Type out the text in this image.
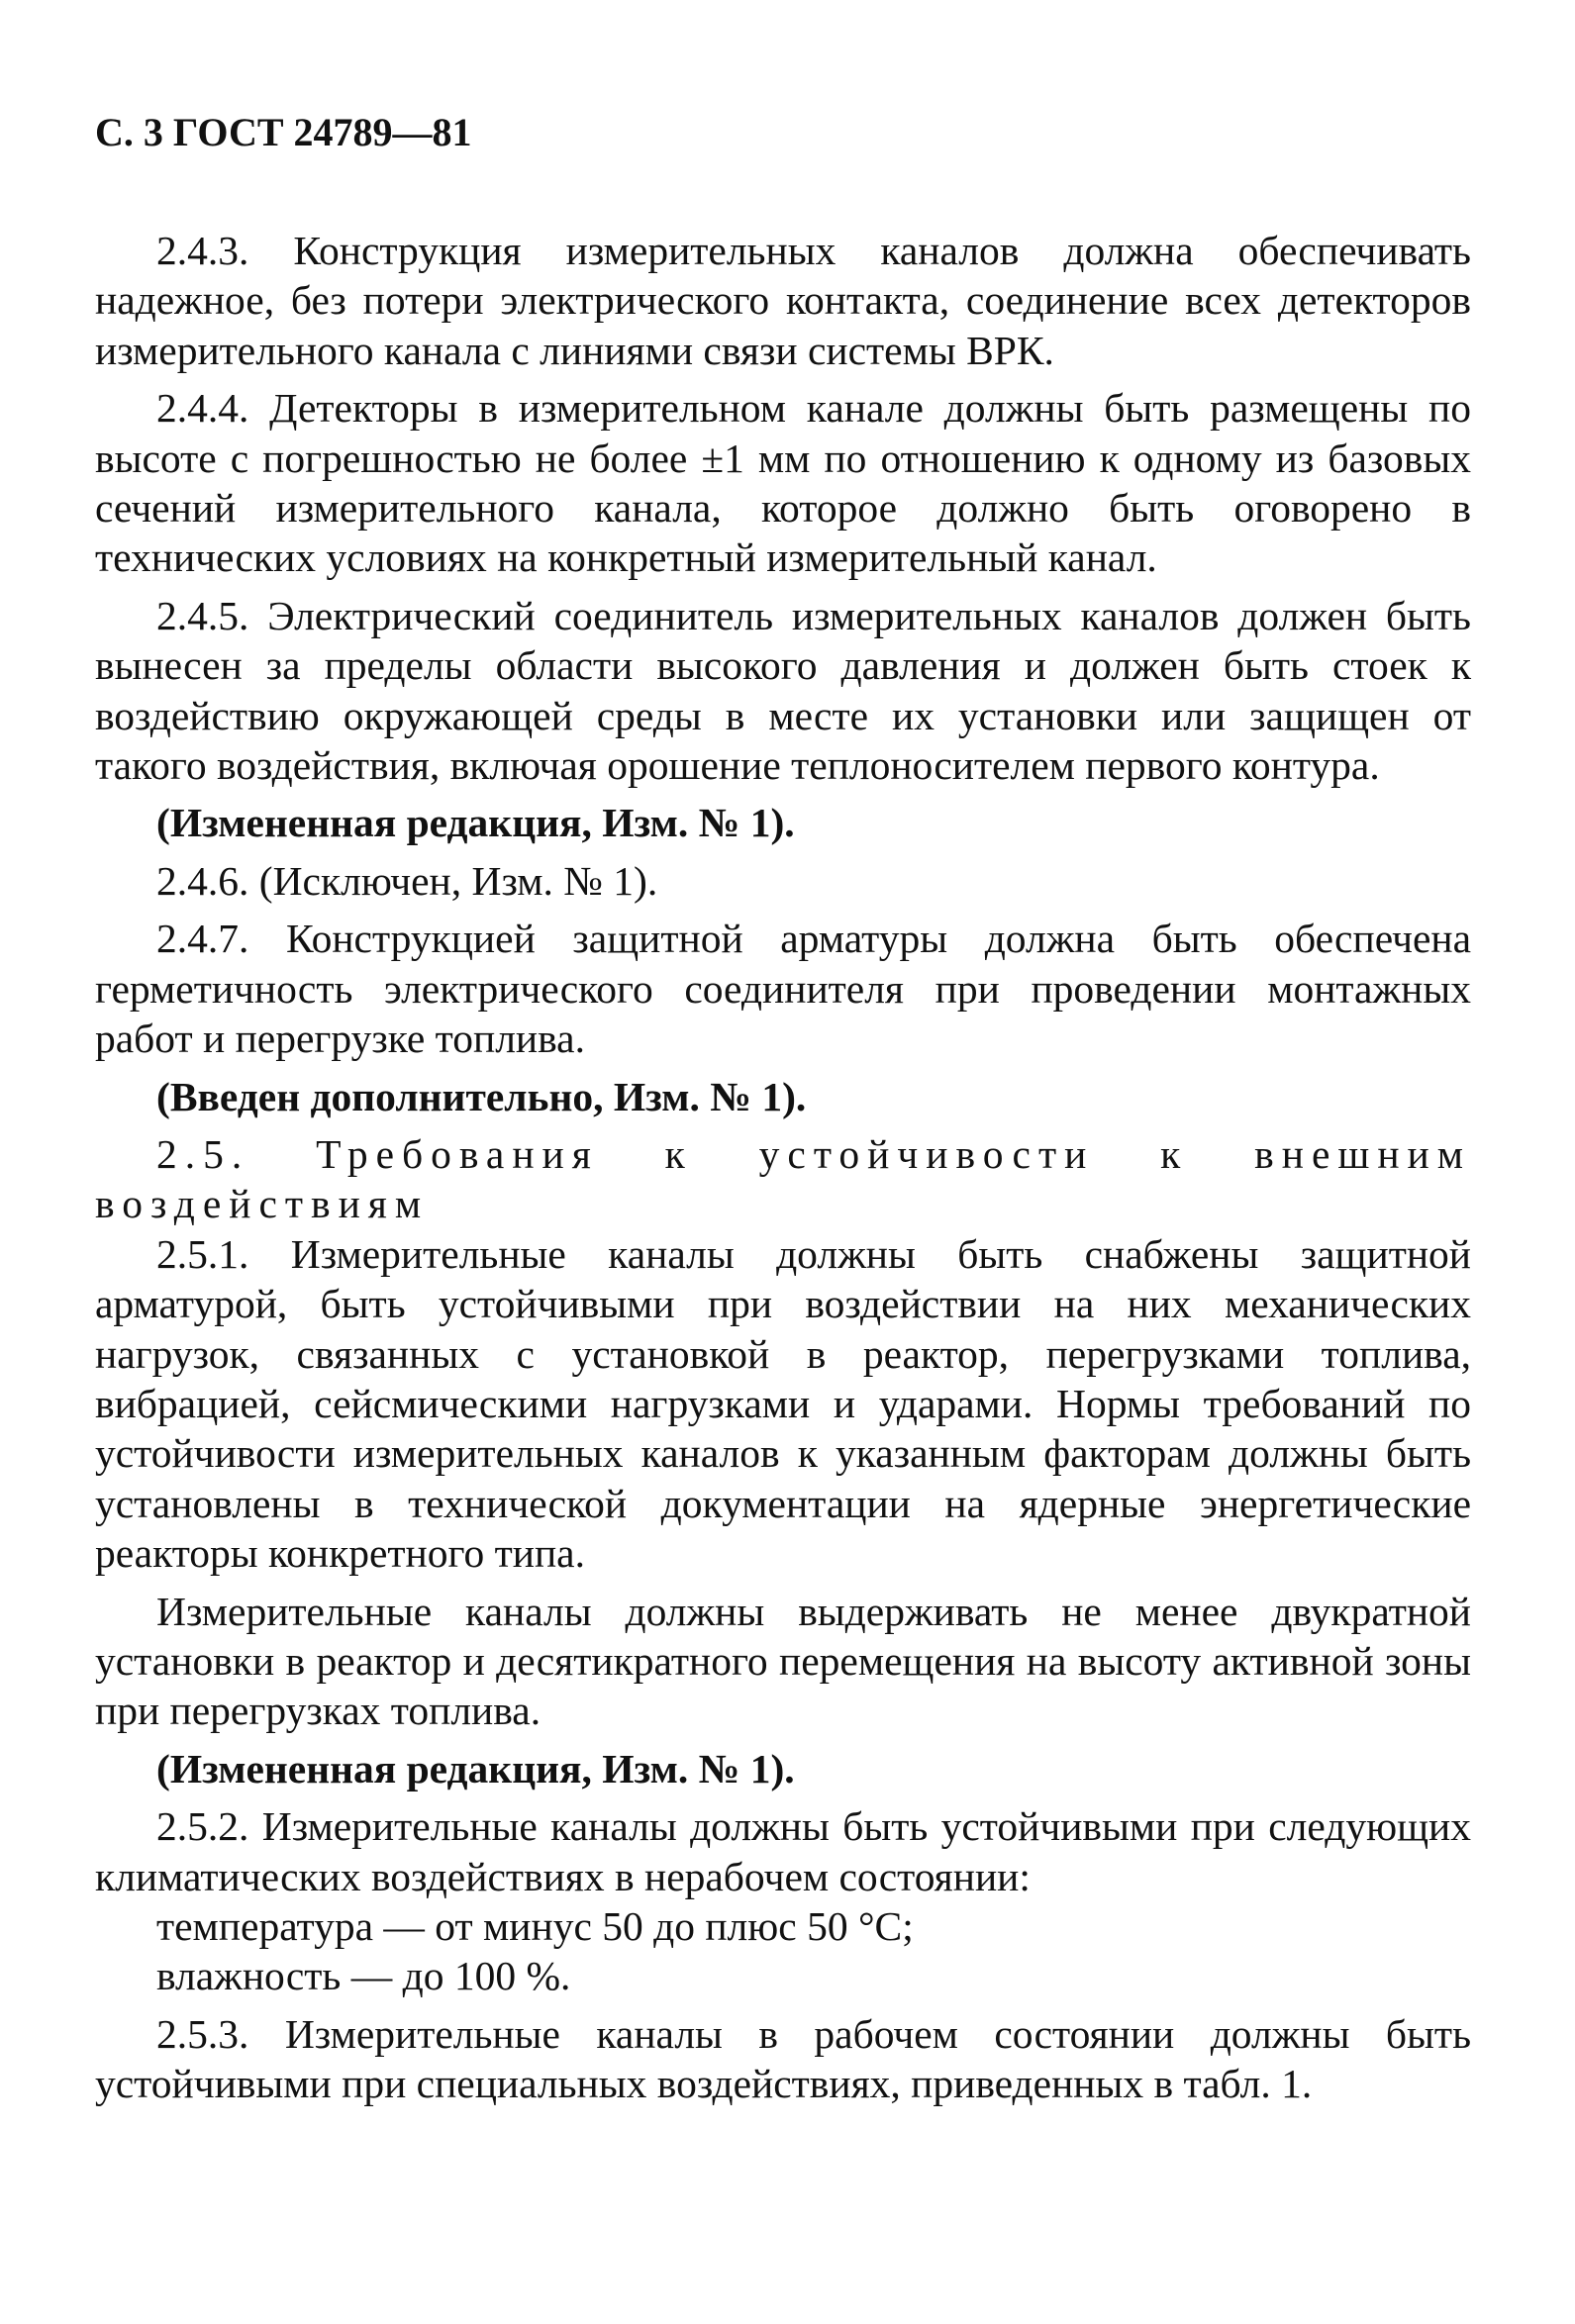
С. 3 ГОСТ 24789—81

2.4.3. Конструкция измерительных каналов должна обеспечивать надежное, без потери электрического контакта, соединение всех детекторов измерительного канала с линиями связи системы ВРК.

2.4.4. Детекторы в измерительном канале должны быть размещены по высоте с погрешностью не более ±1 мм по отношению к одному из базовых сечений измерительного канала, которое должно быть оговорено в технических условиях на конкретный измерительный канал.

2.4.5. Электрический соединитель измерительных каналов должен быть вынесен за пределы области высокого давления и должен быть стоек к воздействию окружающей среды в месте их установки или защищен от такого воздействия, включая орошение теплоносителем первого контура.

(Измененная редакция, Изм. № 1).

2.4.6. (Исключен, Изм. № 1).

2.4.7. Конструкцией защитной арматуры должна быть обеспечена герметичность электрического соединителя при проведении монтажных работ и перегрузке топлива.

(Введен дополнительно, Изм. № 1).

2.5. Требования к устойчивости к внешним

воздействиям

2.5.1. Измерительные каналы должны быть снабжены защитной арматурой, быть устойчивыми при воздействии на них механических нагрузок, связанных с установкой в реактор, перегрузками топлива, вибрацией, сейсмическими нагрузками и ударами. Нормы требований по устойчивости измерительных каналов к указанным факторам должны быть установлены в технической документации на ядерные энергетические реакторы конкретного типа.

Измерительные каналы должны выдерживать не менее двукратной установки в реактор и десятикратного перемещения на высоту активной зоны при перегрузках топлива.

(Измененная редакция, Изм. № 1).

2.5.2. Измерительные каналы должны быть устойчивыми при следующих климатических воздействиях в нерабочем состоянии:

температура — от минус 50 до плюс 50 °С;

влажность — до 100 %.

2.5.3. Измерительные каналы в рабочем состоянии должны быть устойчивыми при специальных воздействиях, приведенных в табл. 1.
